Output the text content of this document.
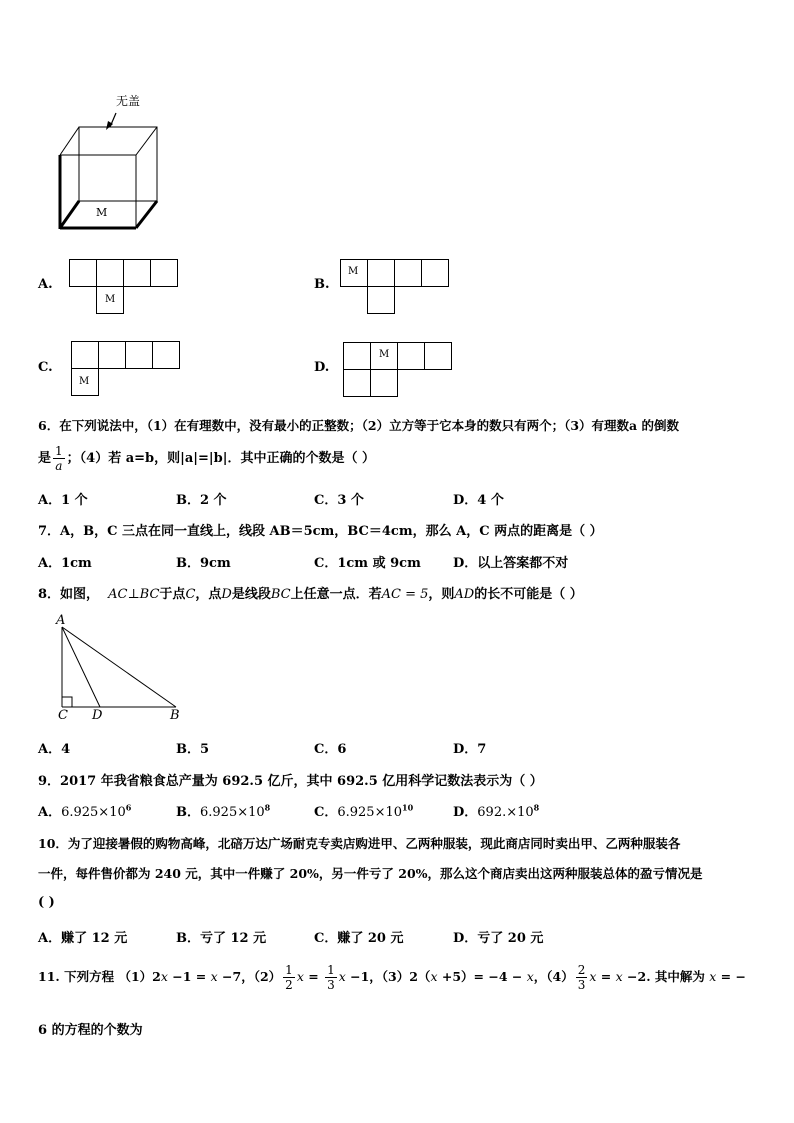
无盖
M
A.
M
B.
M
C.
M
D.
M
6．在下列说法中，（1）在有理数中，没有最小的正整数；（2）立方等于它本身的数只有两个；（3）有理数a 的倒数
是 $\frac{1}{a}$ ；（4）若 a=b，则|a|=|b|．其中正确的个数是（ ）
A．1 个	B．2 个	C．3 个	D．4 个
7．A，B，C 三点在同一直线上，线段 AB＝5cm，BC＝4cm，那么 A，C 两点的距离是（ ）
A．1cm	B．9cm	C．1cm 或 9cm D．以上答案都不对
8．如图， AC⊥BC于点C，点D是线段BC上任意一点．若AC = 5，则AD的长不可能是（ ）
A
C D	B
A．4	B．5	C．6	D．7
9．2017 年我省粮食总产量为 692.5 亿斤，其中 692.5 亿用科学记数法表示为（ ）
A．$6.925\times 10^6$	B．$6.925\times 10^8$	C．$6.925\times 10^{10}$	D．$692.\times 10^8$
10．为了迎接暑假的购物高峰，北碚万达广场耐克专卖店购进甲、乙两种服装，现此商店同时卖出甲、乙两种服装各
一件，每件售价都为 240 元，其中一件赚了 20%，另一件亏了 20%，那么这个商店卖出这两种服装总体的盈亏情况是
( )
A．赚了 12 元	B．亏了 12 元	C．赚了 20 元	D．亏了 20 元
11. 下列方程 （1）2x −1 = x −7，$(2) \frac{1}{2}$ $x = \frac{1}{3}$ x −1，（3）2（x +5）= −4 − x，$(4) \frac{2}{3}$ x = x −2. 其中解为 x = −
6 的方程的个数为
